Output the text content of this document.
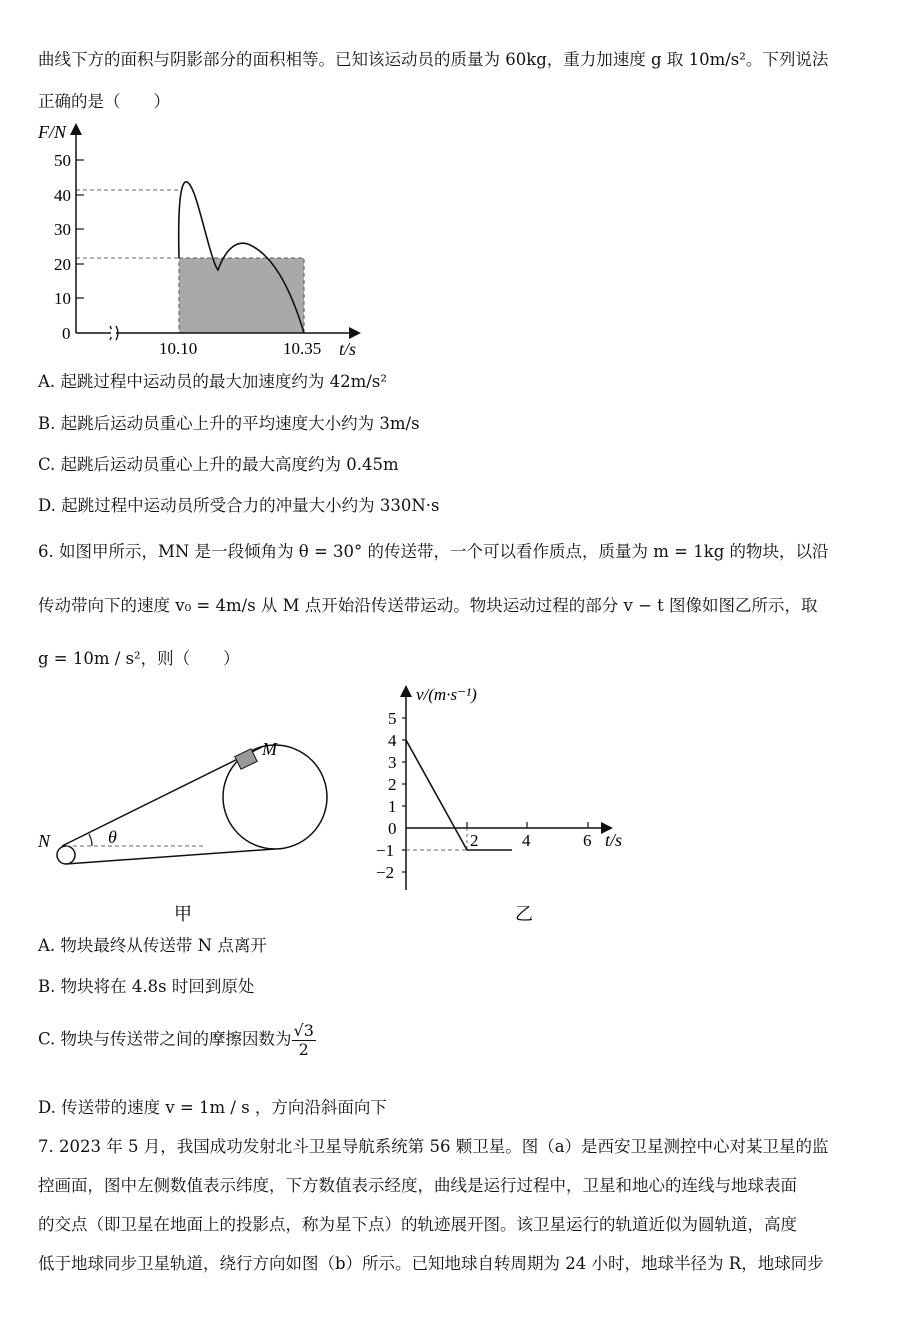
曲线下方的面积与阴影部分的面积相等。已知该运动员的质量为 60kg，重力加速度 g 取 10m/s²。下列说法
正确的是（　　）
F/N
50
40
30
20
10
0
10.10	10.35 t/s
A. 起跳过程中运动员的最大加速度约为 42m/s²
B. 起跳后运动员重心上升的平均速度大小约为 3m/s
C. 起跳后运动员重心上升的最大高度约为 0.45m
D. 起跳过程中运动员所受合力的冲量大小约为 330N·s
6. 如图甲所示，MN 是一段倾角为 θ = 30° 的传送带，一个可以看作质点，质量为 m = 1kg 的物块，以沿
传动带向下的速度 v₀ = 4m/s 从 M 点开始沿传送带运动。物块运动过程的部分 v − t 图像如图乙所示，取
g = 10m / s²，则（　　）
M
N	θ
甲
v/(m·s⁻¹)
5
4
3
2
1
0
−1
−2
2	4	6 t/s
乙
A. 物块最终从传送带 N 点离开
B. 物块将在 4.8s 时回到原处
C. 物块与传送带之间的摩擦因数为 $\frac{√3}{2}$
D. 传送带的速度 v = 1m / s ，方向沿斜面向下
7. 2023 年 5 月，我国成功发射北斗卫星导航系统第 56 颗卫星。图（a）是西安卫星测控中心对某卫星的监
控画面，图中左侧数值表示纬度，下方数值表示经度，曲线是运行过程中，卫星和地心的连线与地球表面
的交点（即卫星在地面上的投影点，称为星下点）的轨迹展开图。该卫星运行的轨道近似为圆轨道，高度
低于地球同步卫星轨道，绕行方向如图（b）所示。已知地球自转周期为 24 小时，地球半径为 R，地球同步
